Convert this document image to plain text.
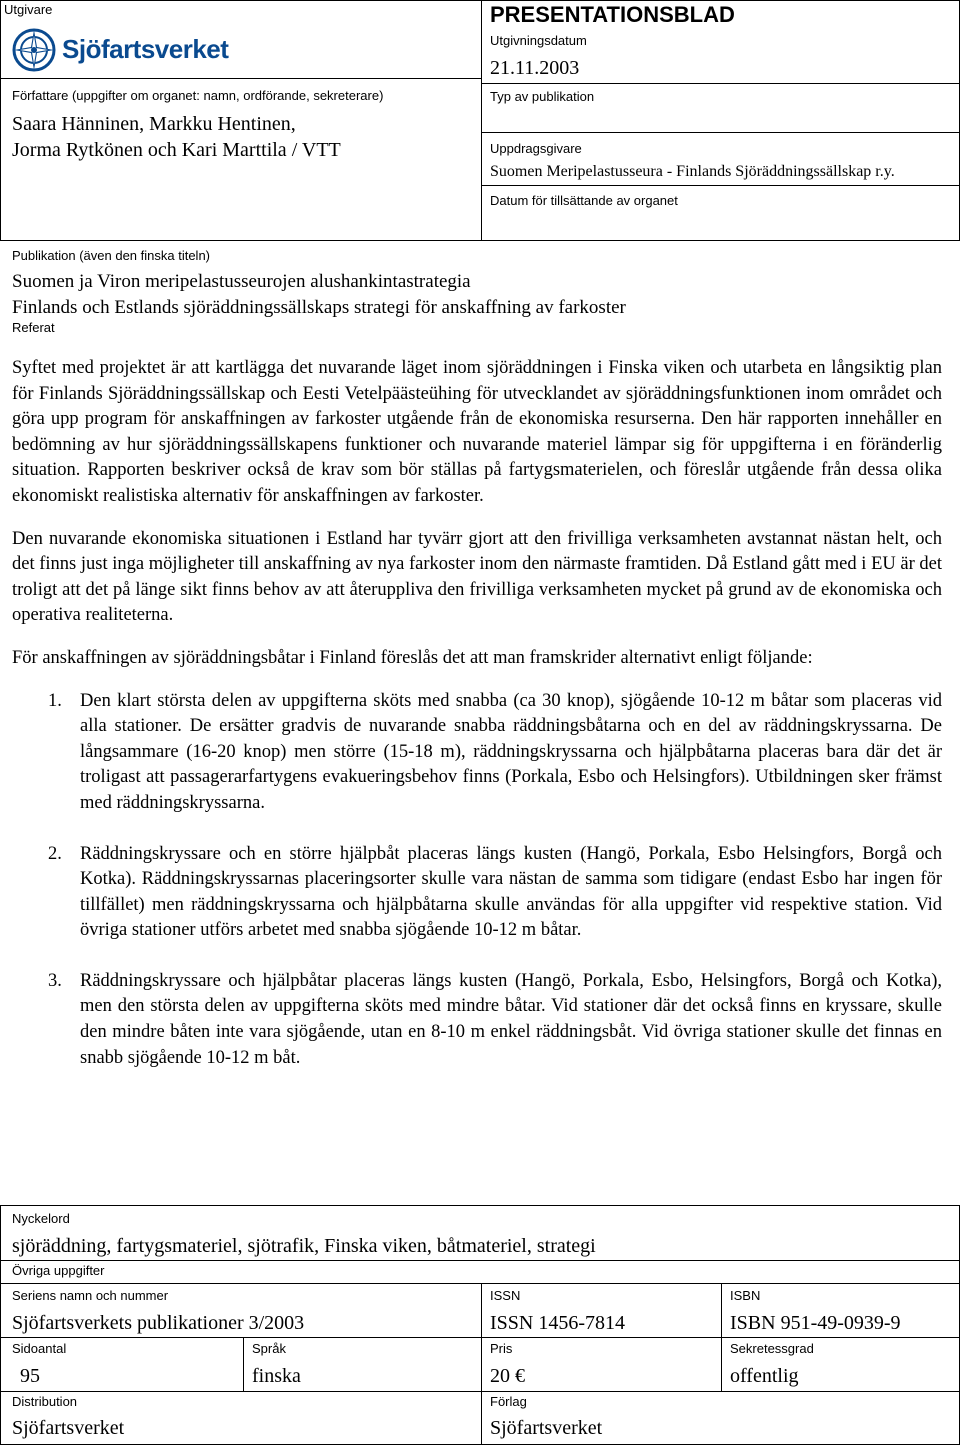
Utgivare
Sjöfartsverket
PRESENTATIONSBLAD
Utgivningsdatum
21.11.2003
Typ av publikation
Uppdragsgivare
Suomen Meripelastusseura - Finlands Sjöräddningssällskap r.y.
Datum för tillsättande av organet
Författare (uppgifter om organet: namn, ordförande, sekreterare)
Saara Hänninen, Markku Hentinen,
Jorma Rytkönen och Kari Marttila / VTT
Publikation (även den finska titeln)
Suomen ja Viron meripelastusseurojen alushankintastrategia
Finlands och Estlands sjöräddningssällskaps strategi för anskaffning av farkoster
Referat

Syftet med projektet är att kartlägga det nuvarande läget inom sjöräddningen i Finska viken och utarbeta en långsiktig plan för Finlands Sjöräddningssällskap och Eesti Vetelpäästeühing för utvecklandet av sjöräddningsfunktionen inom området och göra upp program för anskaffningen av farkoster utgående från de ekonomiska resurserna. Den här rapporten innehåller en bedömning av hur sjöräddningssällskapens funktioner och nuvarande materiel lämpar sig för uppgifterna i en föränderlig situation. Rapporten beskriver också de krav som bör ställas på fartygsmaterielen, och föreslår utgående från dessa olika ekonomiskt realistiska alternativ för anskaffningen av farkoster.

Den nuvarande ekonomiska situationen i Estland har tyvärr gjort att den frivilliga verksamheten avstannat nästan helt, och det finns just inga möjligheter till anskaffning av nya farkoster inom den närmaste framtiden. Då Estland gått med i EU är det troligt att det på länge sikt finns behov av att återuppliva den frivilliga verksamheten mycket på grund av de ekonomiska och operativa realiteterna.

För anskaffningen av sjöräddningsbåtar i Finland föreslås det att man framskrider alternativt enligt följande:

1. Den klart största delen av uppgifterna sköts med snabba (ca 30 knop), sjögående 10-12 m båtar som placeras vid alla stationer. De ersätter gradvis de nuvarande snabba räddningsbåtarna och en del av räddningskryssarna. De långsammare (16-20 knop) men större (15-18 m), räddningskryssarna och hjälpbåtarna placeras bara där det är troligast att passagerarfartygens evakueringsbehov finns (Porkala, Esbo och Helsingfors). Utbildningen sker främst med räddningskryssarna.
2. Räddningskryssare och en större hjälpbåt placeras längs kusten (Hangö, Porkala, Esbo Helsingfors, Borgå och Kotka). Räddningskryssarnas placeringsorter skulle vara nästan de samma som tidigare (endast Esbo har ingen för tillfället) men räddningskryssarna och hjälpbåtarna skulle användas för alla uppgifter vid respektive station. Vid övriga stationer utförs arbetet med snabba sjögående 10-12 m båtar.
3. Räddningskryssare och hjälpbåtar placeras längs kusten (Hangö, Porkala, Esbo, Helsingfors, Borgå och Kotka), men den största delen av uppgifterna sköts med mindre båtar. Vid stationer där det också finns en kryssare, skulle den mindre båten inte vara sjögående, utan en 8-10 m enkel räddningsbåt. Vid övriga stationer skulle det finnas en snabb sjögående 10-12 m båt.
Nyckelord
sjöräddning, fartygsmateriel, sjötrafik, Finska viken, båtmateriel, strategi
Övriga uppgifter
Seriens namn och nummer
Sjöfartsverkets publikationer 3/2003
ISSN
ISSN 1456-7814
ISBN
ISBN 951-49-0939-9
Sidoantal
95
Språk
finska
Pris
20 €
Sekretessgrad
offentlig
Distribution
Sjöfartsverket
Förlag
Sjöfartsverket
